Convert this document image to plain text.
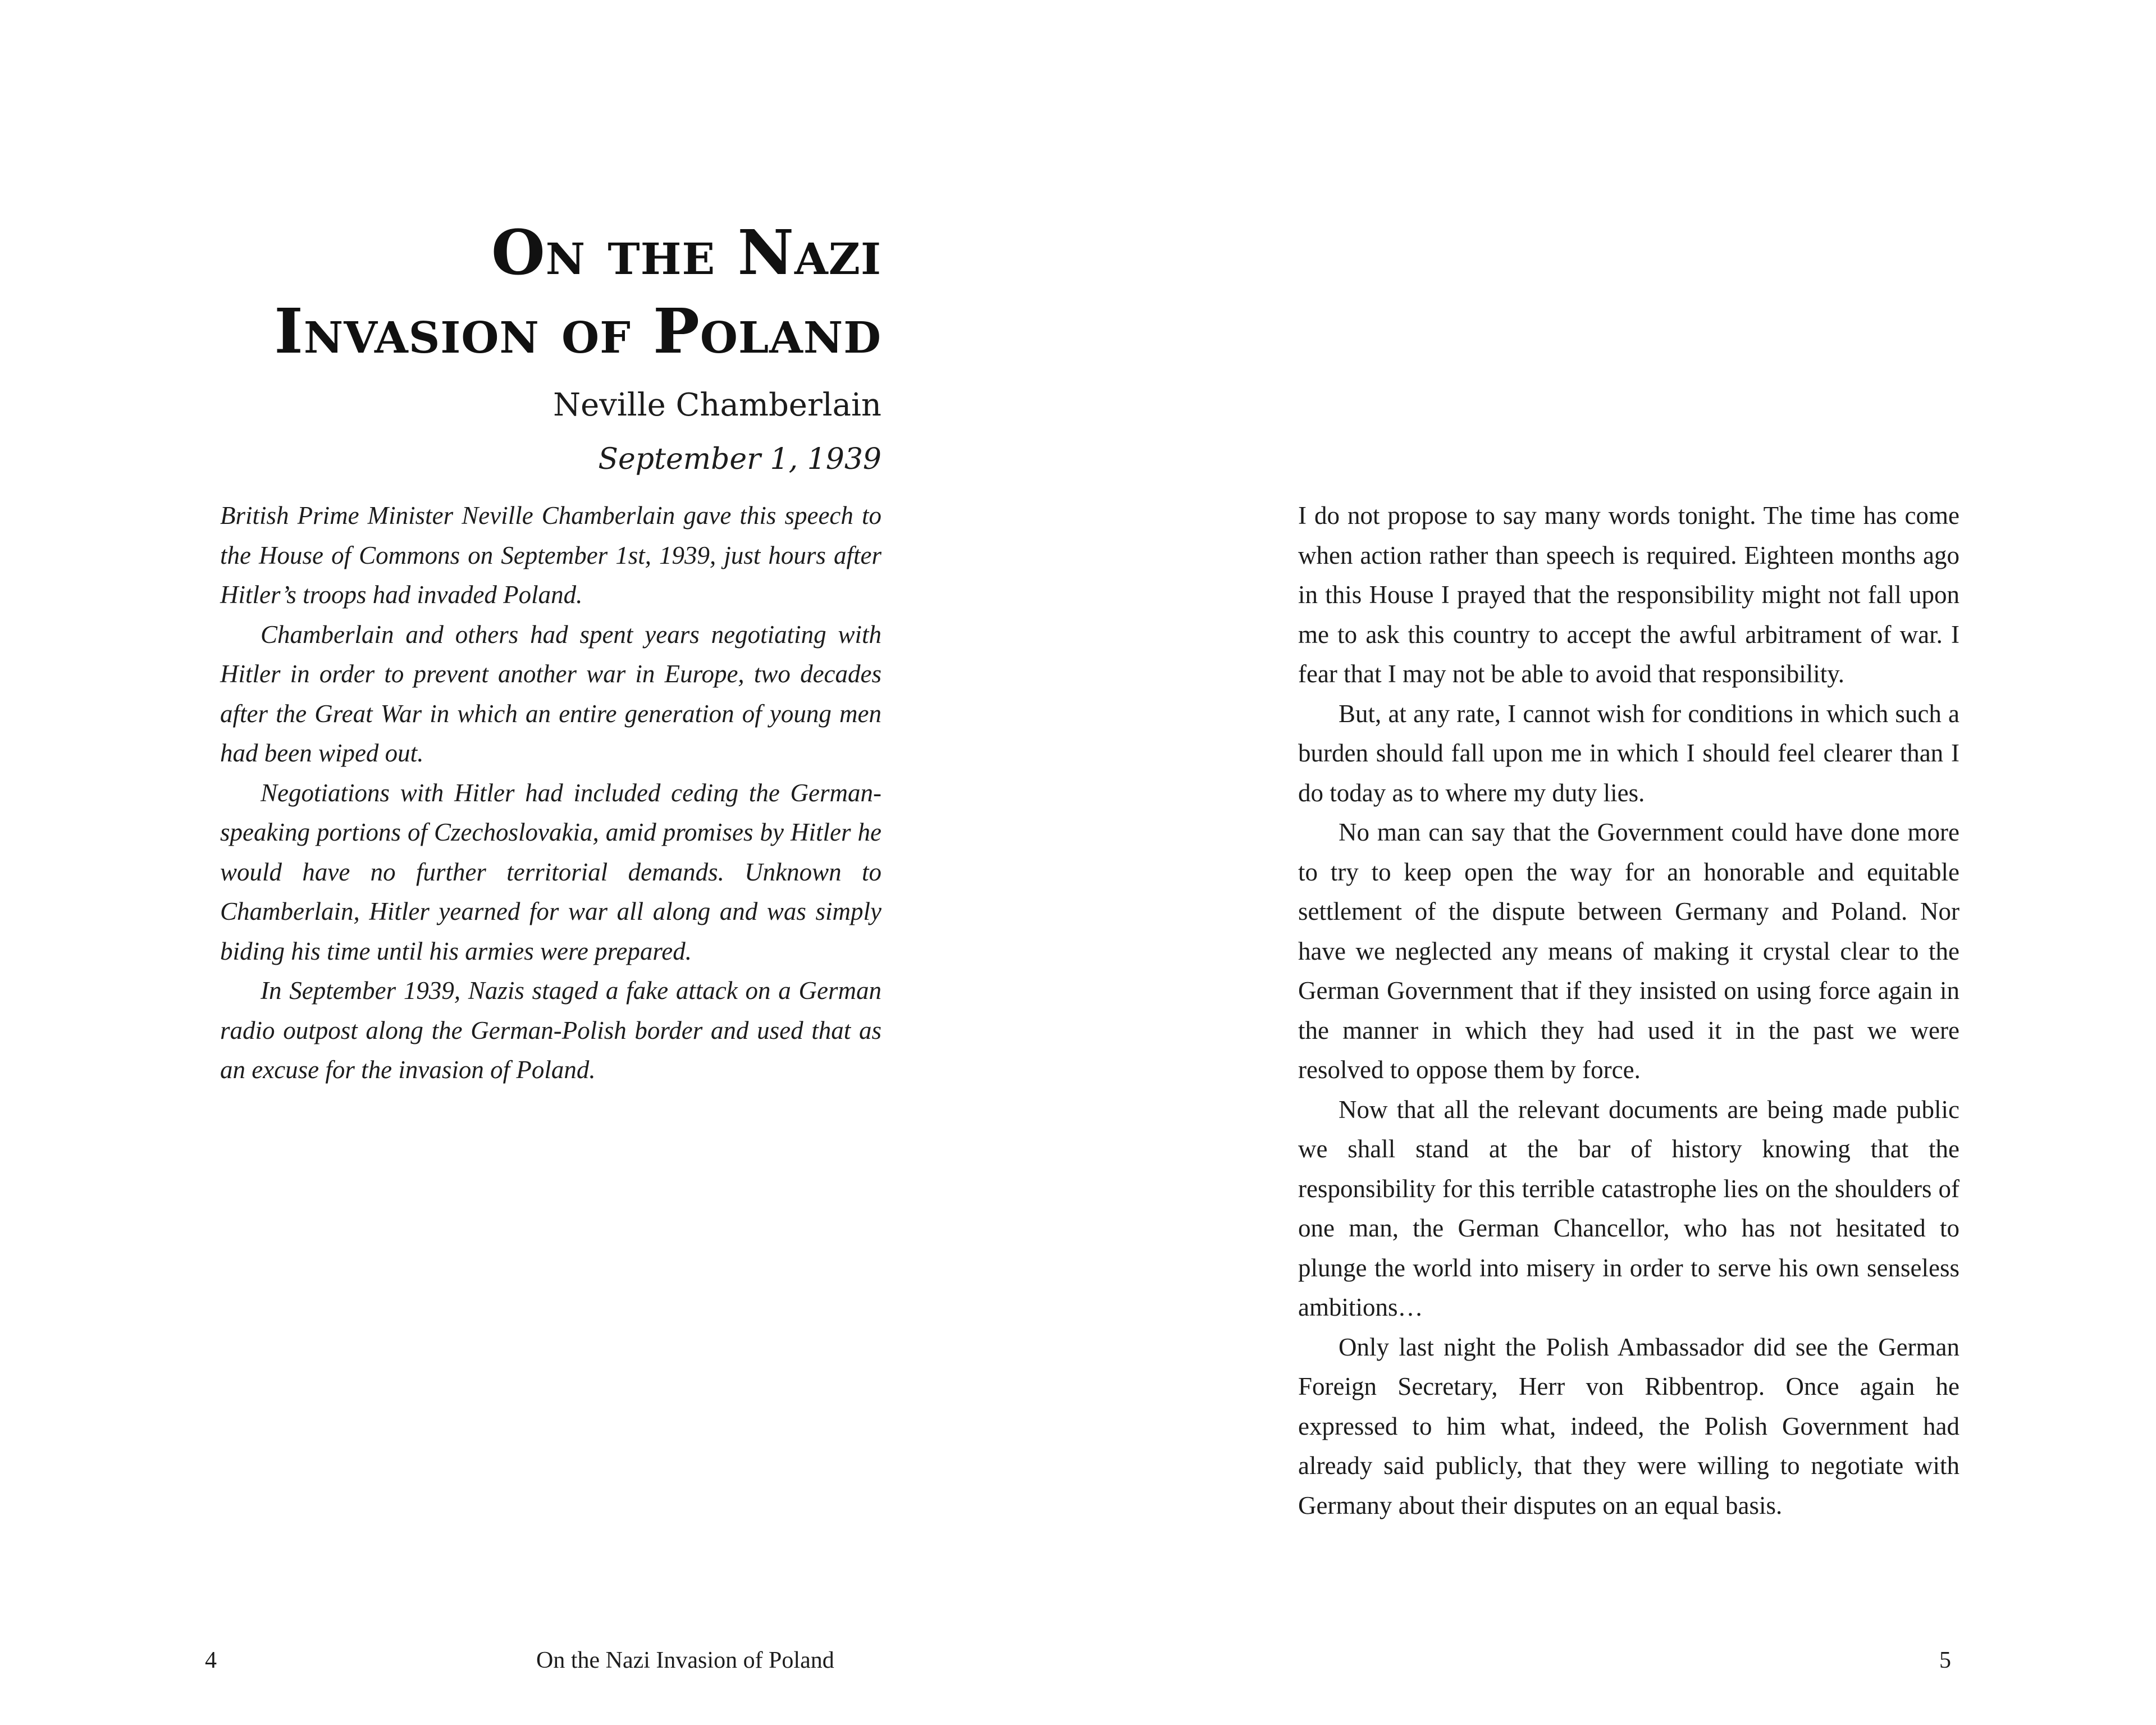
On the Nazi
Invasion of Poland
Neville Chamberlain
September 1, 1939

British Prime Minister Neville Chamberlain gave this speech to the House of Commons on September 1st, 1939, just hours after Hitler’s troops had invaded Poland.

Chamberlain and others had spent years negotiating with Hitler in order to prevent another war in Europe, two decades after the Great War in which an entire generation of young men had been wiped out.

Negotiations with Hitler had included ceding the German-speaking portions of Czechoslovakia, amid promises by Hitler he would have no further territorial demands. Unknown to Chamberlain, Hitler yearned for war all along and was simply biding his time until his armies were prepared.

In September 1939, Nazis staged a fake attack on a German radio outpost along the German-Polish border and used that as an excuse for the invasion of Poland.

4	On the Nazi Invasion of Poland

I do not propose to say many words tonight. The time has come when action rather than speech is required. Eighteen months ago in this House I prayed that the responsibility might not fall upon me to ask this country to accept the awful arbitrament of war. I fear that I may not be able to avoid that responsibility.

But, at any rate, I cannot wish for conditions in which such a burden should fall upon me in which I should feel clearer than I do today as to where my duty lies.

No man can say that the Government could have done more to try to keep open the way for an honorable and equitable settlement of the dispute between Germany and Poland. Nor have we neglected any means of making it crystal clear to the German Government that if they insisted on using force again in the manner in which they had used it in the past we were resolved to oppose them by force.

Now that all the relevant documents are being made public we shall stand at the bar of history knowing that the responsibility for this terrible catastrophe lies on the shoulders of one man, the German Chancellor, who has not hesitated to plunge the world into misery in order to serve his own senseless ambitions…

Only last night the Polish Ambassador did see the German Foreign Secretary, Herr von Ribbentrop. Once again he expressed to him what, indeed, the Polish Government had already said publicly, that they were willing to negotiate with Germany about their disputes on an equal basis.

5
